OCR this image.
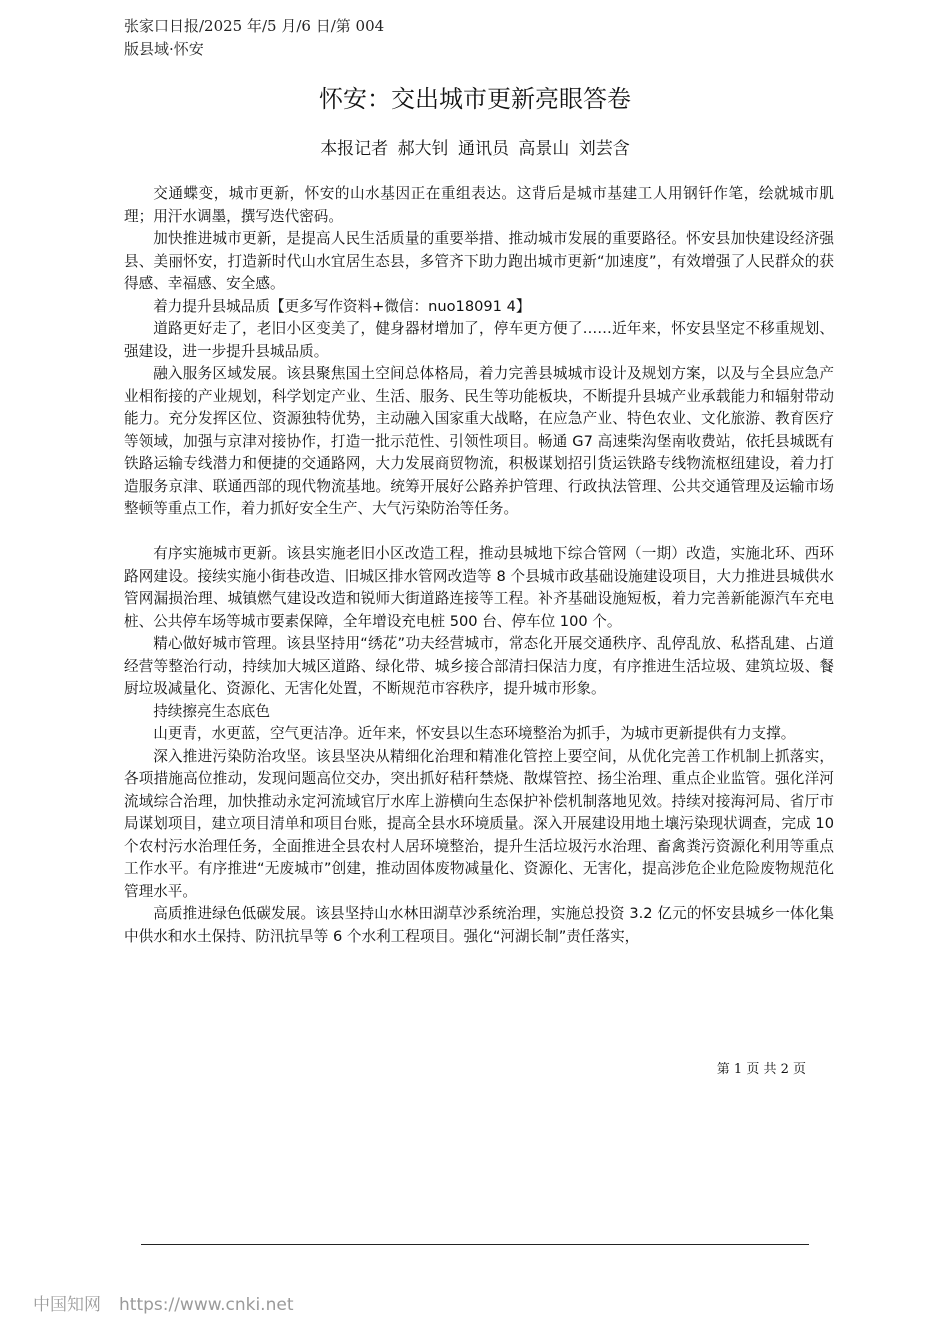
张家口日报/2025 年/5 月/6 日/第 004
版县域·怀安
怀安：交出城市更新亮眼答卷
本报记者 郝大钊 通讯员 高景山 刘芸含

交通蝶变，城市更新，怀安的山水基因正在重组表达。这背后是城市基建工人用钢钎作笔，绘就城市肌理；用汗水调墨，撰写迭代密码。

加快推进城市更新，是提高人民生活质量的重要举措、推动城市发展的重要路径。怀安县加快建设经济强县、美丽怀安，打造新时代山水宜居生态县，多管齐下助力跑出城市更新“加速度”，有效增强了人民群众的获得感、幸福感、安全感。

着力提升县城品质【更多写作资料+微信：nuo18091 4】

道路更好走了，老旧小区变美了，健身器材增加了，停车更方便了……近年来，怀安县坚定不移重规划、强建设，进一步提升县城品质。

融入服务区域发展。该县聚焦国土空间总体格局，着力完善县城城市设计及规划方案，以及与全县应急产业相衔接的产业规划，科学划定产业、生活、服务、民生等功能板块，不断提升县城产业承载能力和辐射带动能力。充分发挥区位、资源独特优势，主动融入国家重大战略，在应急产业、特色农业、文化旅游、教育医疗等领域，加强与京津对接协作，打造一批示范性、引领性项目。畅通 G7 高速柴沟堡南收费站，依托县城既有铁路运输专线潜力和便捷的交通路网，大力发展商贸物流，积极谋划招引货运铁路专线物流枢纽建设，着力打造服务京津、联通西部的现代物流基地。统筹开展好公路养护管理、行政执法管理、公共交通管理及运输市场整顿等重点工作，着力抓好安全生产、大气污染防治等任务。

有序实施城市更新。该县实施老旧小区改造工程，推动县城地下综合管网（一期）改造，实施北环、西环路网建设。接续实施小街巷改造、旧城区排水管网改造等 8 个县城市政基础设施建设项目，大力推进县城供水管网漏损治理、城镇燃气建设改造和锐师大街道路连接等工程。补齐基础设施短板，着力完善新能源汽车充电桩、公共停车场等城市要素保障，全年增设充电桩 500 台、停车位 100 个。

精心做好城市管理。该县坚持用“绣花”功夫经营城市，常态化开展交通秩序、乱停乱放、私搭乱建、占道经营等整治行动，持续加大城区道路、绿化带、城乡接合部清扫保洁力度，有序推进生活垃圾、建筑垃圾、餐厨垃圾减量化、资源化、无害化处置，不断规范市容秩序，提升城市形象。

持续擦亮生态底色

山更青，水更蓝，空气更洁净。近年来，怀安县以生态环境整治为抓手，为城市更新提供有力支撑。

深入推进污染防治攻坚。该县坚决从精细化治理和精准化管控上要空间，从优化完善工作机制上抓落实，各项措施高位推动，发现问题高位交办，突出抓好秸秆禁烧、散煤管控、扬尘治理、重点企业监管。强化洋河流域综合治理，加快推动永定河流域官厅水库上游横向生态保护补偿机制落地见效。持续对接海河局、省厅市局谋划项目，建立项目清单和项目台账，提高全县水环境质量。深入开展建设用地土壤污染现状调查，完成 10 个农村污水治理任务，全面推进全县农村人居环境整治，提升生活垃圾污水治理、畜禽粪污资源化利用等重点工作水平。有序推进“无废城市”创建，推动固体废物减量化、资源化、无害化，提高涉危企业危险废物规范化管理水平。

高质推进绿色低碳发展。该县坚持山水林田湖草沙系统治理，实施总投资 3.2 亿元的怀安县城乡一体化集中供水和水土保持、防汛抗旱等 6 个水利工程项目。强化“河湖长制”责任落实，

第 1 页 共 2 页
中国知网 https://www.cnki.net
